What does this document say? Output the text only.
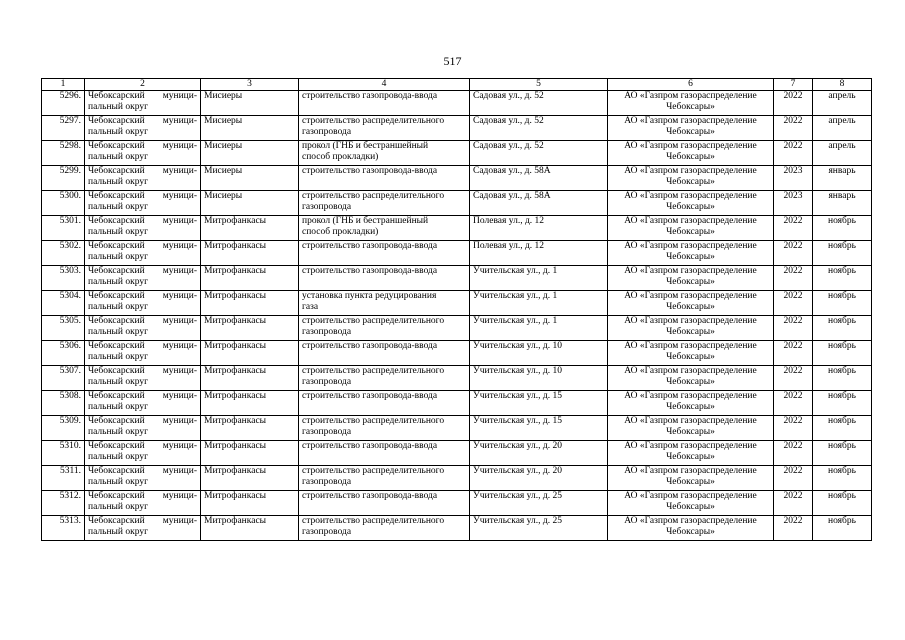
517
1	2	3	4	5	6	7	8
5296.	Чебоксарский муници-
пальный округ	Мисиеры	строительство газопровода-ввода	Садовая ул., д. 52	АО «Газпром газораспределение
Чебоксары»	2022	апрель
5297.	Чебоксарский муници-
пальный округ	Мисиеры	строительство распределительного
газопровода	Садовая ул., д. 52	АО «Газпром газораспределение
Чебоксары»	2022	апрель
5298.	Чебоксарский муници-
пальный округ	Мисиеры	прокол (ГНБ и бестраншейный
способ прокладки)	Садовая ул., д. 52	АО «Газпром газораспределение
Чебоксары»	2022	апрель
5299.	Чебоксарский муници-
пальный округ	Мисиеры	строительство газопровода-ввода	Садовая ул., д. 58А	АО «Газпром газораспределение
Чебоксары»	2023	январь
5300.	Чебоксарский муници-
пальный округ	Мисиеры	строительство распределительного
газопровода	Садовая ул., д. 58А	АО «Газпром газораспределение
Чебоксары»	2023	январь
5301.	Чебоксарский муници-
пальный округ	Митрофанкасы	прокол (ГНБ и бестраншейный
способ прокладки)	Полевая ул., д. 12	АО «Газпром газораспределение
Чебоксары»	2022	ноябрь
5302.	Чебоксарский муници-
пальный округ	Митрофанкасы	строительство газопровода-ввода	Полевая ул., д. 12	АО «Газпром газораспределение
Чебоксары»	2022	ноябрь
5303.	Чебоксарский муници-
пальный округ	Митрофанкасы	строительство газопровода-ввода	Учительская ул., д. 1	АО «Газпром газораспределение
Чебоксары»	2022	ноябрь
5304.	Чебоксарский муници-
пальный округ	Митрофанкасы	установка пункта редуцирования
газа	Учительская ул., д. 1	АО «Газпром газораспределение
Чебоксары»	2022	ноябрь
5305.	Чебоксарский муници-
пальный округ	Митрофанкасы	строительство распределительного
газопровода	Учительская ул., д. 1	АО «Газпром газораспределение
Чебоксары»	2022	ноябрь
5306.	Чебоксарский муници-
пальный округ	Митрофанкасы	строительство газопровода-ввода	Учительская ул., д. 10	АО «Газпром газораспределение
Чебоксары»	2022	ноябрь
5307.	Чебоксарский муници-
пальный округ	Митрофанкасы	строительство распределительного
газопровода	Учительская ул., д. 10	АО «Газпром газораспределение
Чебоксары»	2022	ноябрь
5308.	Чебоксарский муници-
пальный округ	Митрофанкасы	строительство газопровода-ввода	Учительская ул., д. 15	АО «Газпром газораспределение
Чебоксары»	2022	ноябрь
5309.	Чебоксарский муници-
пальный округ	Митрофанкасы	строительство распределительного
газопровода	Учительская ул., д. 15	АО «Газпром газораспределение
Чебоксары»	2022	ноябрь
5310.	Чебоксарский муници-
пальный округ	Митрофанкасы	строительство газопровода-ввода	Учительская ул., д. 20	АО «Газпром газораспределение
Чебоксары»	2022	ноябрь
5311.	Чебоксарский муници-
пальный округ	Митрофанкасы	строительство распределительного
газопровода	Учительская ул., д. 20	АО «Газпром газораспределение
Чебоксары»	2022	ноябрь
5312.	Чебоксарский муници-
пальный округ	Митрофанкасы	строительство газопровода-ввода	Учительская ул., д. 25	АО «Газпром газораспределение
Чебоксары»	2022	ноябрь
5313.	Чебоксарский муници-
пальный округ	Митрофанкасы	строительство распределительного
газопровода	Учительская ул., д. 25	АО «Газпром газораспределение
Чебоксары»	2022	ноябрь
